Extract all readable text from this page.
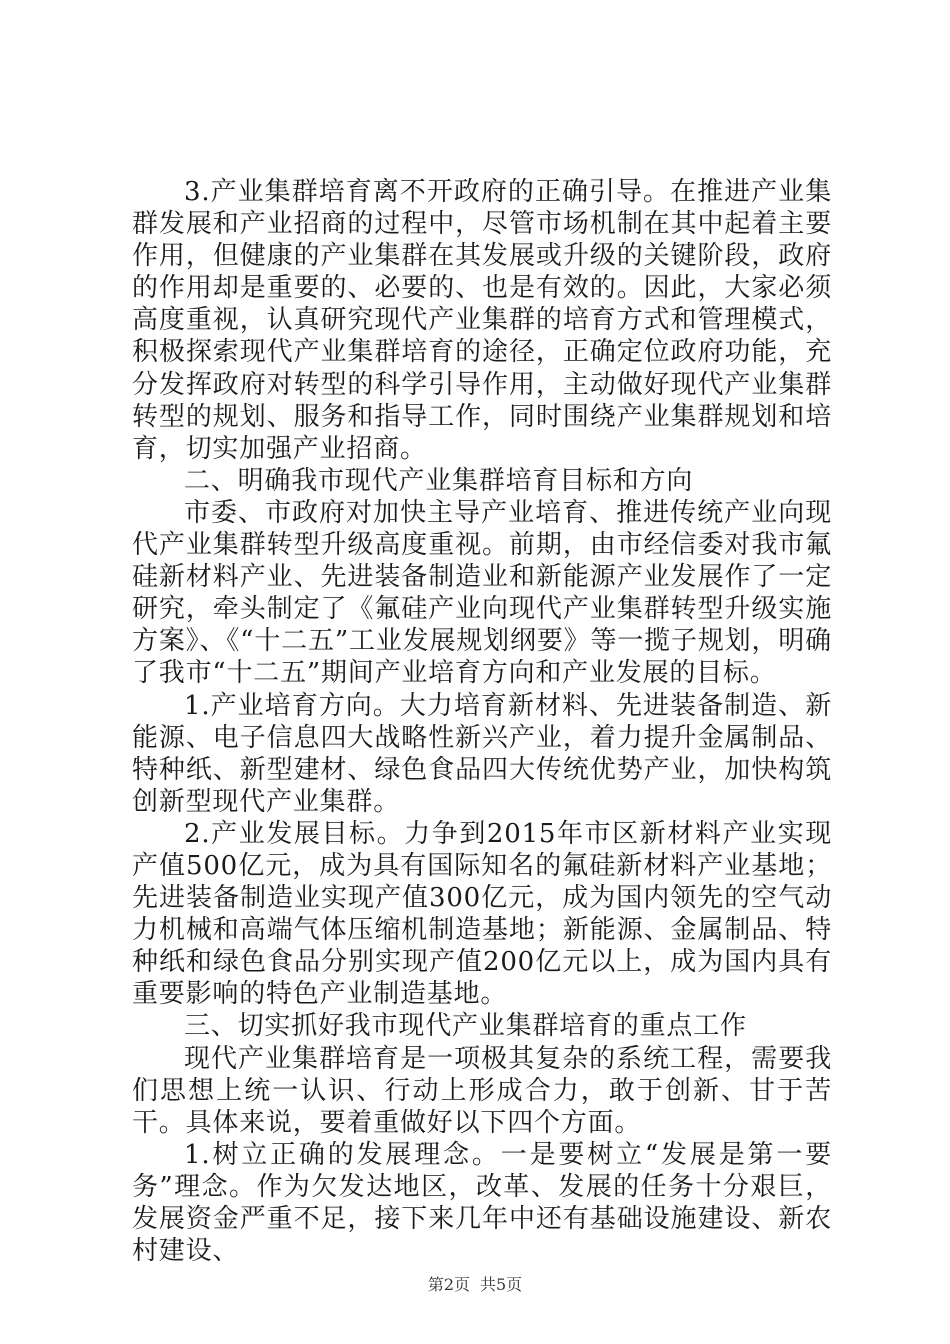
3.产业集群培育离不开政府的正确引导。在推进产业集群发展和产业招商的过程中，尽管市场机制在其中起着主要作用，但健康的产业集群在其发展或升级的关键阶段，政府的作用却是重要的、必要的、也是有效的。因此，大家必须高度重视，认真研究现代产业集群的培育方式和管理模式，积极探索现代产业集群培育的途径，正确定位政府功能，充分发挥政府对转型的科学引导作用，主动做好现代产业集群转型的规划、服务和指导工作，同时围绕产业集群规划和培育，切实加强产业招商。

二、明确我市现代产业集群培育目标和方向

市委、市政府对加快主导产业培育、推进传统产业向现代产业集群转型升级高度重视。前期，由市经信委对我市氟硅新材料产业、先进装备制造业和新能源产业发展作了一定研究，牵头制定了《氟硅产业向现代产业集群转型升级实施方案》、《“十二五”工业发展规划纲要》等一揽子规划，明确了我市“十二五”期间产业培育方向和产业发展的目标。

1.产业培育方向。大力培育新材料、先进装备制造、新能源、电子信息四大战略性新兴产业，着力提升金属制品、特种纸、新型建材、绿色食品四大传统优势产业，加快构筑创新型现代产业集群。

2.产业发展目标。力争到2015年市区新材料产业实现产值500亿元，成为具有国际知名的氟硅新材料产业基地；先进装备制造业实现产值300亿元，成为国内领先的空气动力机械和高端气体压缩机制造基地；新能源、金属制品、特种纸和绿色食品分别实现产值200亿元以上，成为国内具有重要影响的特色产业制造基地。

三、切实抓好我市现代产业集群培育的重点工作

现代产业集群培育是一项极其复杂的系统工程，需要我们思想上统一认识、行动上形成合力，敢于创新、甘于苦干。具体来说，要着重做好以下四个方面。

1.树立正确的发展理念。一是要树立“发展是第一要务”理念。作为欠发达地区，改革、发展的任务十分艰巨，发展资金严重不足，接下来几年中还有基础设施建设、新农村建设、

第2页 共5页
